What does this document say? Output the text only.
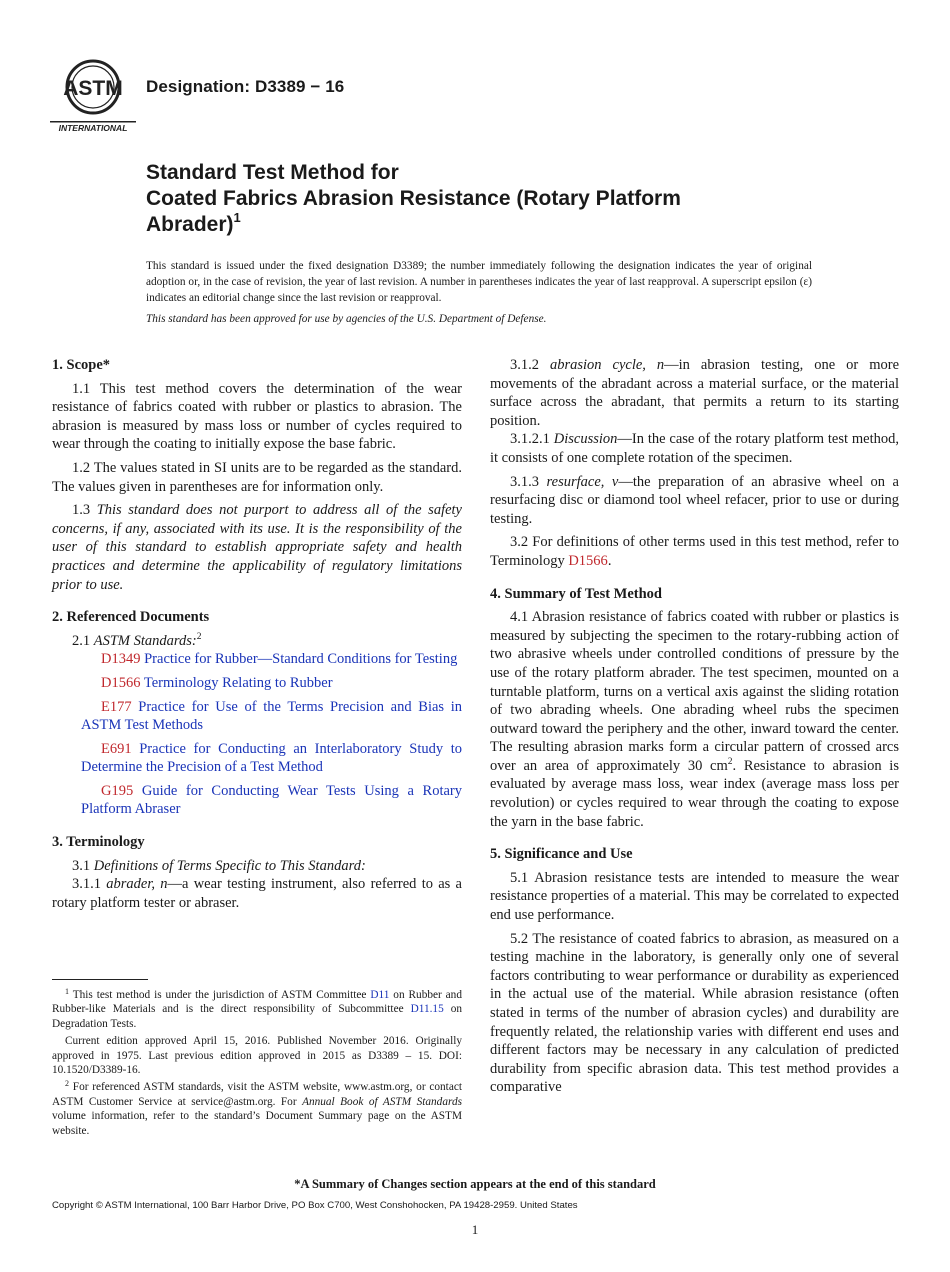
ASTM
INTERNATIONAL
Designation: D3389 − 16
Standard Test Method for
Coated Fabrics Abrasion Resistance (Rotary Platform
Abrader)$^1$
This standard is issued under the fixed designation D3389; the number immediately following the designation indicates the year of original adoption or, in the case of revision, the year of last revision. A number in parentheses indicates the year of last reapproval. A superscript epsilon (ε) indicates an editorial change since the last revision or reapproval.
This standard has been approved for use by agencies of the U.S. Department of Defense.
1. Scope*

1.1 This test method covers the determination of the wear resistance of fabrics coated with rubber or plastics to abrasion. The abrasion is measured by mass loss or number of cycles required to wear through the coating to initially expose the base fabric.

1.2 The values stated in SI units are to be regarded as the standard. The values given in parentheses are for information only.

1.3 This standard does not purport to address all of the safety concerns, if any, associated with its use. It is the responsibility of the user of this standard to establish appropriate safety and health practices and determine the applicability of regulatory limitations prior to use.

2. Referenced Documents

2.1 ASTM Standards:$^2$

D1349 Practice for Rubber—Standard Conditions for Testing

D1566 Terminology Relating to Rubber

E177 Practice for Use of the Terms Precision and Bias in ASTM Test Methods

E691 Practice for Conducting an Interlaboratory Study to Determine the Precision of a Test Method

G195 Guide for Conducting Wear Tests Using a Rotary Platform Abraser

3. Terminology

3.1 Definitions of Terms Specific to This Standard:

3.1.1 abrader, n—a wear testing instrument, also referred to as a rotary platform tester or abraser.

$^1$ This test method is under the jurisdiction of ASTM Committee D11 on Rubber and Rubber-like Materials and is the direct responsibility of Subcommittee D11.15 on Degradation Tests.

Current edition approved April 15, 2016. Published November 2016. Originally approved in 1975. Last previous edition approved in 2015 as D3389 – 15. DOI: 10.1520/D3389-16.

$^2$ For referenced ASTM standards, visit the ASTM website, www.astm.org, or contact ASTM Customer Service at service@astm.org. For Annual Book of ASTM Standards volume information, refer to the standard’s Document Summary page on the ASTM website.

3.1.2 abrasion cycle, n—in abrasion testing, one or more movements of the abradant across a material surface, or the material surface across the abradant, that permits a return to its starting position.

3.1.2.1 Discussion—In the case of the rotary platform test method, it consists of one complete rotation of the specimen.

3.1.3 resurface, v—the preparation of an abrasive wheel on a resurfacing disc or diamond tool wheel refacer, prior to use or during testing.

3.2 For definitions of other terms used in this test method, refer to Terminology D1566.

4. Summary of Test Method

4.1 Abrasion resistance of fabrics coated with rubber or plastics is measured by subjecting the specimen to the rotary-rubbing action of two abrasive wheels under controlled conditions of pressure by the use of the rotary platform abrader. The test specimen, mounted on a turntable platform, turns on a vertical axis against the sliding rotation of two abrading wheels. One abrading wheel rubs the specimen outward toward the periphery and the other, inward toward the center. The resulting abrasion marks form a circular pattern of crossed arcs over an area of approximately 30 $cm^2$. Resistance to abrasion is evaluated by average mass loss, wear index (average mass loss per revolution) or cycles required to wear through the coating to expose the yarn in the base fabric.

5. Significance and Use

5.1 Abrasion resistance tests are intended to measure the wear resistance properties of a material. This may be correlated to expected end use performance.

5.2 The resistance of coated fabrics to abrasion, as measured on a testing machine in the laboratory, is generally only one of several factors contributing to wear performance or durability as experienced in the actual use of the material. While abrasion resistance (often stated in terms of the number of abrasion cycles) and durability are frequently related, the relationship varies with different end uses and different factors may be necessary in any calculation of predicted durability from specific abrasion data. This test method provides a comparative

*A Summary of Changes section appears at the end of this standard
Copyright © ASTM International, 100 Barr Harbor Drive, PO Box C700, West Conshohocken, PA 19428-2959. United States
1
